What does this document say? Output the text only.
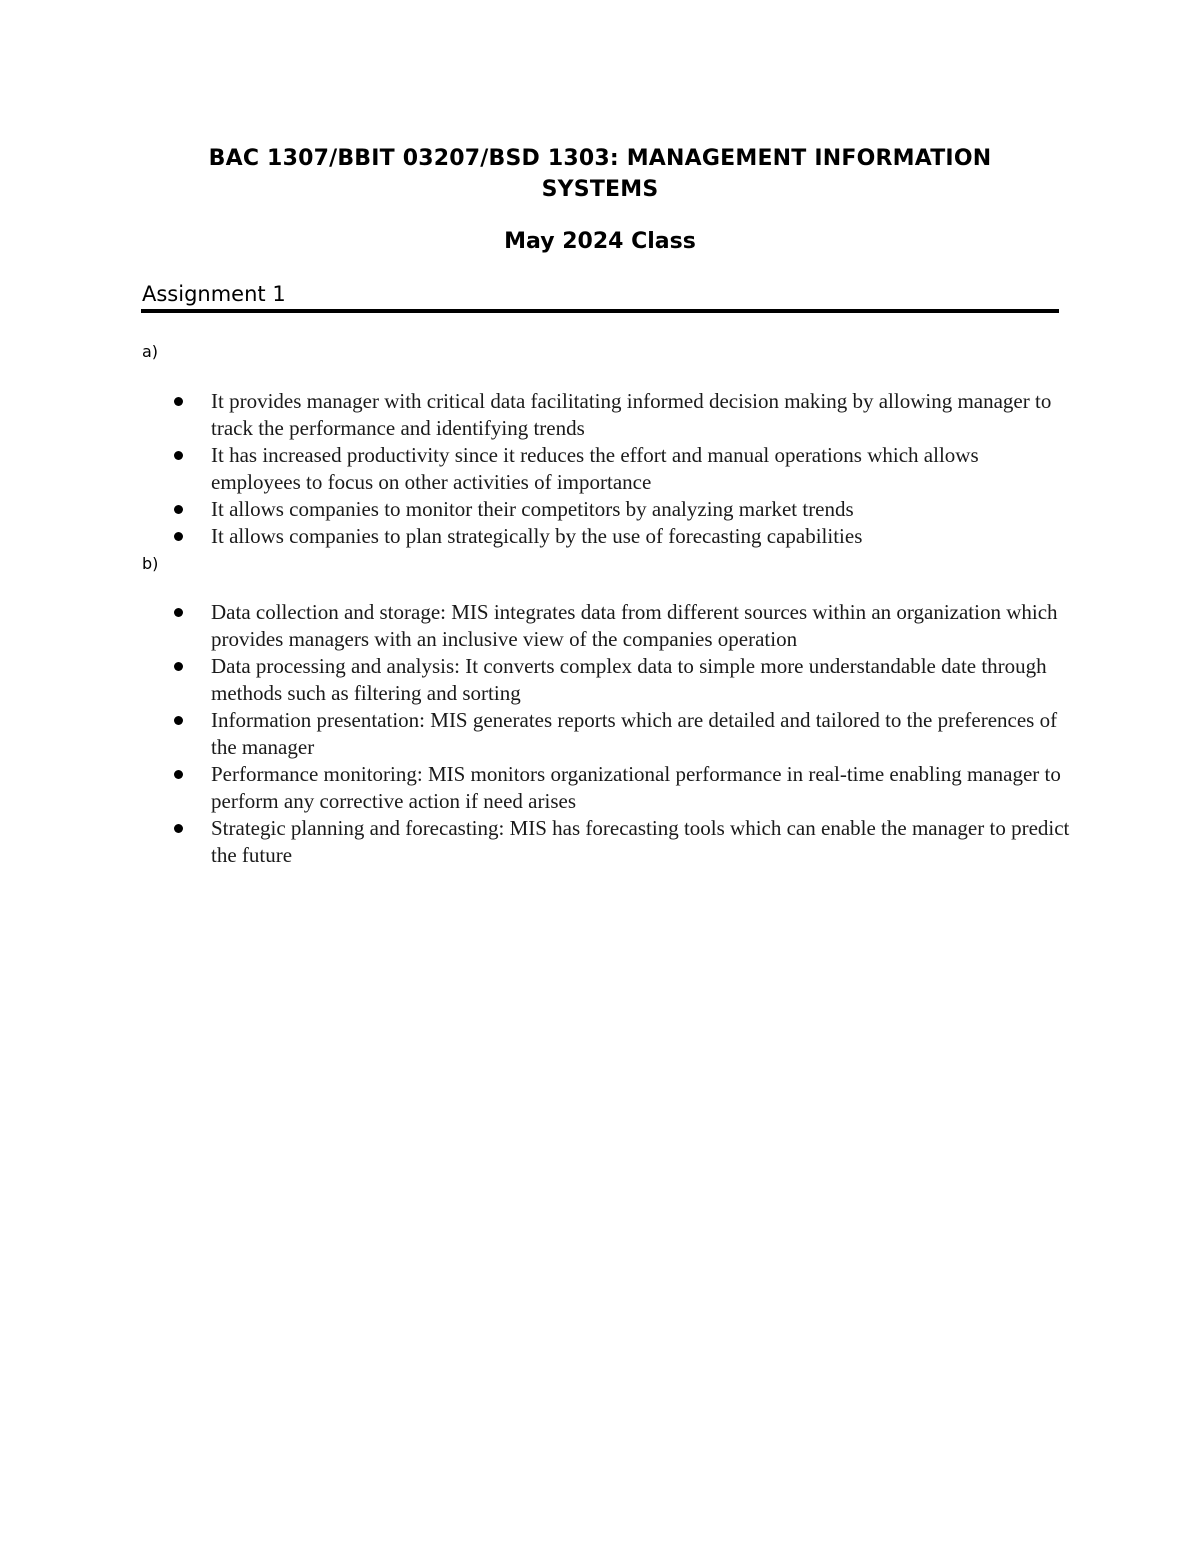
BAC 1307/BBIT 03207/BSD 1303: MANAGEMENT INFORMATION
SYSTEMS
May 2024 Class
Assignment 1
a)
It provides manager with critical data facilitating informed decision making by allowing manager to track the performance and identifying trends
It has increased productivity since it reduces the effort and manual operations which allows employees to focus on other activities of importance
It allows companies to monitor their competitors by analyzing market trends
It allows companies to plan strategically by the use of forecasting capabilities
b)
Data collection and storage: MIS integrates data from different sources within an organization which provides managers with an inclusive view of the companies operation
Data processing and analysis: It converts complex data to simple more understandable date through methods such as filtering and sorting
Information presentation: MIS generates reports which are detailed and tailored to the preferences of the manager
Performance monitoring: MIS monitors organizational performance in real-time enabling manager to perform any corrective action if need arises
Strategic planning and forecasting: MIS has forecasting tools which can enable the manager to predict the future
